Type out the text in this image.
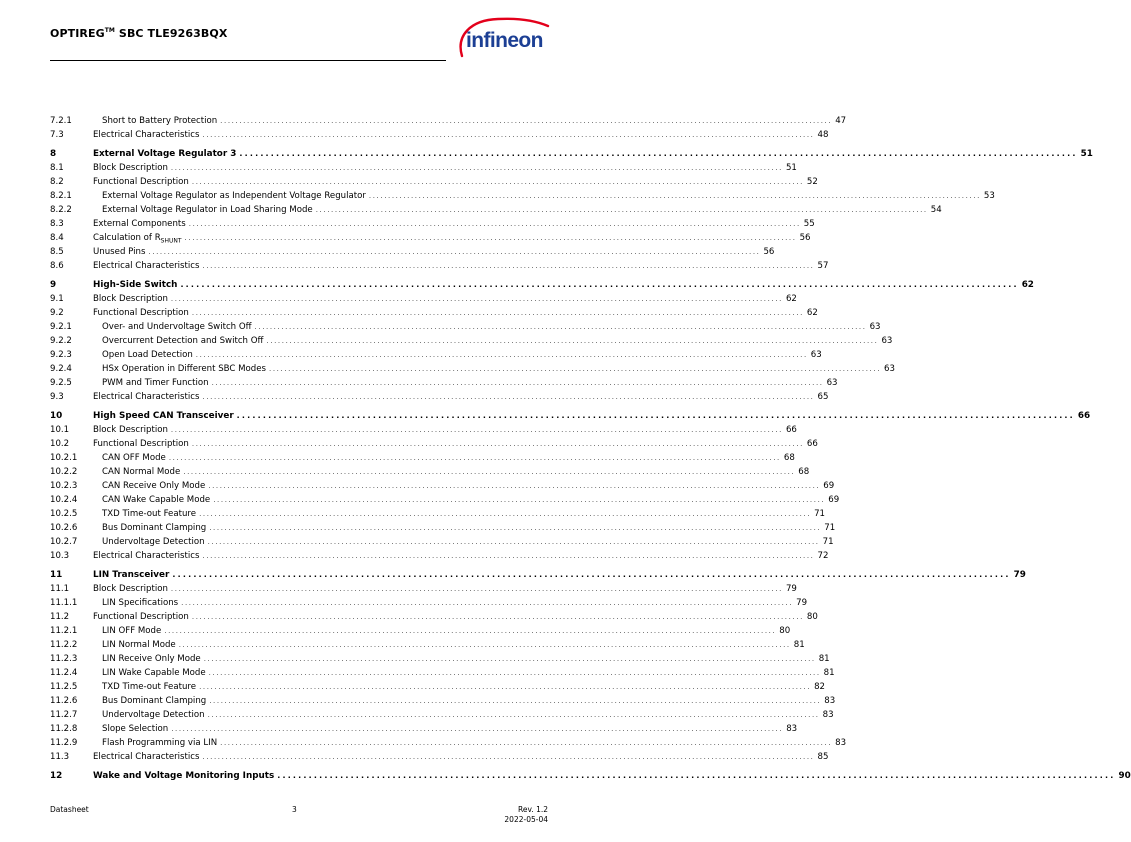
OPTIREG™ SBC TLE9263BQX	infineon
7.2.1	Short to Battery Protection ................................................................................................................................................................ 47
7.3	Electrical Characteristics ................................................................................................................................................................ 48
8	External Voltage Regulator 3 ................................................................................................................................................................ 51
8.1	Block Description ................................................................................................................................................................ 51
8.2	Functional Description ................................................................................................................................................................ 52
8.2.1	External Voltage Regulator as Independent Voltage Regulator ................................................................................................................................................................ 53
8.2.2	External Voltage Regulator in Load Sharing Mode ................................................................................................................................................................ 54
8.3	External Components ................................................................................................................................................................ 55
8.4	Calculation of $R_{SHUNT}$ ................................................................................................................................................................ 56
8.5	Unused Pins ................................................................................................................................................................ 56
8.6	Electrical Characteristics ................................................................................................................................................................ 57
9	High-Side Switch ................................................................................................................................................................ 62
9.1	Block Description ................................................................................................................................................................ 62
9.2	Functional Description ................................................................................................................................................................ 62
9.2.1	Over- and Undervoltage Switch Off ................................................................................................................................................................ 63
9.2.2	Overcurrent Detection and Switch Off ................................................................................................................................................................ 63
9.2.3	Open Load Detection ................................................................................................................................................................ 63
9.2.4	HSx Operation in Different SBC Modes ................................................................................................................................................................ 63
9.2.5	PWM and Timer Function ................................................................................................................................................................ 63
9.3	Electrical Characteristics ................................................................................................................................................................ 65
10	High Speed CAN Transceiver ................................................................................................................................................................ 66
10.1	Block Description ................................................................................................................................................................ 66
10.2	Functional Description ................................................................................................................................................................ 66
10.2.1	CAN OFF Mode ................................................................................................................................................................ 68
10.2.2	CAN Normal Mode ................................................................................................................................................................ 68
10.2.3	CAN Receive Only Mode ................................................................................................................................................................ 69
10.2.4	CAN Wake Capable Mode ................................................................................................................................................................ 69
10.2.5	TXD Time-out Feature ................................................................................................................................................................ 71
10.2.6	Bus Dominant Clamping ................................................................................................................................................................ 71
10.2.7	Undervoltage Detection ................................................................................................................................................................ 71
10.3	Electrical Characteristics ................................................................................................................................................................ 72
11	LIN Transceiver ................................................................................................................................................................ 79
11.1	Block Description ................................................................................................................................................................ 79
11.1.1	LIN Specifications ................................................................................................................................................................ 79
11.2	Functional Description ................................................................................................................................................................ 80
11.2.1	LIN OFF Mode ................................................................................................................................................................ 80
11.2.2	LIN Normal Mode ................................................................................................................................................................ 81
11.2.3	LIN Receive Only Mode ................................................................................................................................................................ 81
11.2.4	LIN Wake Capable Mode ................................................................................................................................................................ 81
11.2.5	TXD Time-out Feature ................................................................................................................................................................ 82
11.2.6	Bus Dominant Clamping ................................................................................................................................................................ 83
11.2.7	Undervoltage Detection ................................................................................................................................................................ 83
11.2.8	Slope Selection ................................................................................................................................................................ 83
11.2.9	Flash Programming via LIN ................................................................................................................................................................ 83
11.3	Electrical Characteristics ................................................................................................................................................................ 85
12	Wake and Voltage Monitoring Inputs ................................................................................................................................................................ 90
Datasheet	3	Rev. 1.2
2022-05-04
